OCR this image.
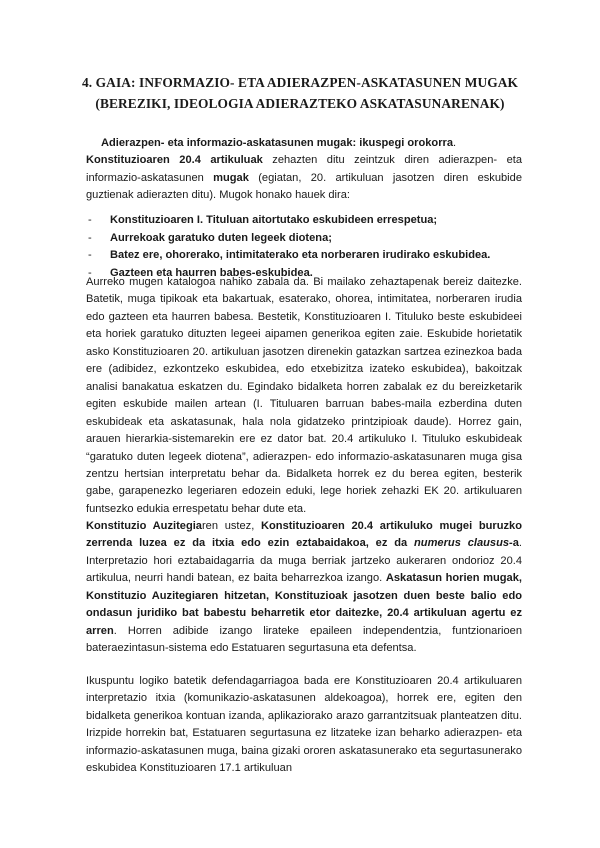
4. GAIA: INFORMAZIO- ETA ADIERAZPEN-ASKATASUNEN MUGAK
(BEREZIKI, IDEOLOGIA ADIERAZTEKO ASKATASUNARENAK)

Adierazpen- eta informazio-askatasunen mugak: ikuspegi orokorra.
Konstituzioaren 20.4 artikuluak zehazten ditu zeintzuk diren adierazpen- eta informazio-askatasunen mugak (egiatan, 20. artikuluan jasotzen diren eskubide guztienak adierazten ditu). Mugok honako hauek dira:

- Konstituzioaren I. Tituluan aitortutako eskubideen errespetua;
- Aurrekoak garatuko duten legeek diotena;
- Batez ere, ohorerako, intimitaterako eta norberaren irudirako eskubidea.
- Gazteen eta haurren babes-eskubidea.

Aurreko mugen katalogoa nahiko zabala da. Bi mailako zehaztapenak bereiz daitezke. Batetik, muga tipikoak eta bakartuak, esaterako, ohorea, intimitatea, norberaren irudia edo gazteen eta haurren babesa. Bestetik, Konstituzioaren I. Tituluko beste eskubideei eta horiek garatuko dituzten legeei aipamen generikoa egiten zaie. Eskubide horietatik asko Konstituzioaren 20. artikuluan jasotzen direnekin gatazkan sartzea ezinezkoa bada ere (adibidez, ezkontzeko eskubidea, edo etxebizitza izateko eskubidea), bakoitzak analisi banakatua eskatzen du. Egindako bidalketa horren zabalak ez du bereizketarik egiten eskubide mailen artean (I. Tituluaren barruan babes-maila ezberdina duten eskubideak eta askatasunak, hala nola gidatzeko printzipioak daude). Horrez gain, arauen hierarkia-sistemarekin ere ez dator bat. 20.4 artikuluko I. Tituluko eskubideak “garatuko duten legeek diotena”, adierazpen- edo informazio-askatasunaren muga gisa zentzu hertsian interpretatu behar da. Bidalketa horrek ez du berea egiten, besterik gabe, garapenezko legeriaren edozein eduki, lege horiek zehazki EK 20. artikuluaren funtsezko edukia errespetatu behar dute eta.

Konstituzio Auzitegiaren ustez, Konstituzioaren 20.4 artikuluko mugei buruzko zerrenda luzea ez da itxia edo ezin eztabaidakoa, ez da numerus clausus-a. Interpretazio hori eztabaidagarria da muga berriak jartzeko aukeraren ondorioz 20.4 artikulua, neurri handi batean, ez baita beharrezkoa izango. Askatasun horien mugak, Konstituzio Auzitegiaren hitzetan, Konstituzioak jasotzen duen beste balio edo ondasun juridiko bat babestu beharretik etor daitezke, 20.4 artikuluan agertu ez arren. Horren adibide izango lirateke epaileen independentzia, funtzionarioen bateraezintasun-sistema edo Estatuaren segurtasuna eta defentsa.

Ikuspuntu logiko batetik defendagarriagoa bada ere Konstituzioaren 20.4 artikuluaren interpretazio itxia (komunikazio-askatasunen aldekoagoa), horrek ere, egiten den bidalketa generikoa kontuan izanda, aplikaziorako arazo garrantzitsuak planteatzen ditu. Irizpide horrekin bat, Estatuaren segurtasuna ez litzateke izan beharko adierazpen- eta informazio-askatasunen muga, baina gizaki ororen askatasunerako eta segurtasunerako eskubidea Konstituzioaren 17.1 artikuluan
